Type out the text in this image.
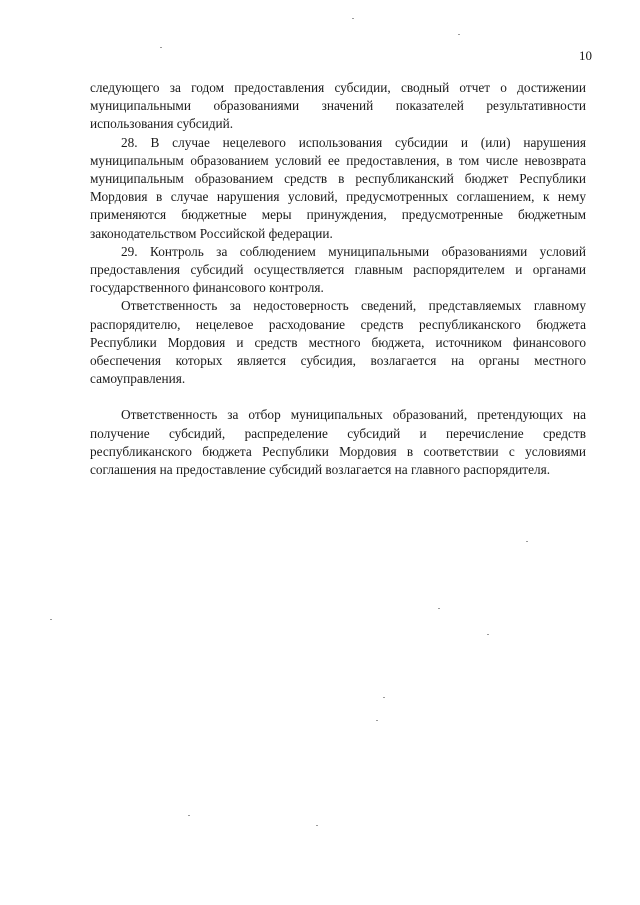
10

следующего за годом предоставления субсидии, сводный отчет о достижении муниципальными образованиями значений показателей результативности использования субсидий.

28. В случае нецелевого использования субсидии и (или) нарушения муниципальным образованием условий ее предоставления, в том числе невозврата муниципальным образованием средств в республиканский бюджет Республики Мордовия в случае нарушения условий, предусмотренных соглашением, к нему применяются бюджетные меры принуждения, предусмотренные бюджетным законодательством Российской федерации.

29. Контроль за соблюдением муниципальными образованиями условий предоставления субсидий осуществляется главным распорядителем и органами государственного финансового контроля.

Ответственность за недостоверность сведений, представляемых главному распорядителю, нецелевое расходование средств республиканского бюджета Республики Мордовия и средств местного бюджета, источником финансового обеспечения которых является субсидия, возлагается на органы местного самоуправления.

Ответственность за отбор муниципальных образований, претендующих на получение субсидий, распределение субсидий и перечисление средств республиканского бюджета Республики Мордовия в соответствии с условиями соглашения на предоставление субсидий возлагается на главного распорядителя.
